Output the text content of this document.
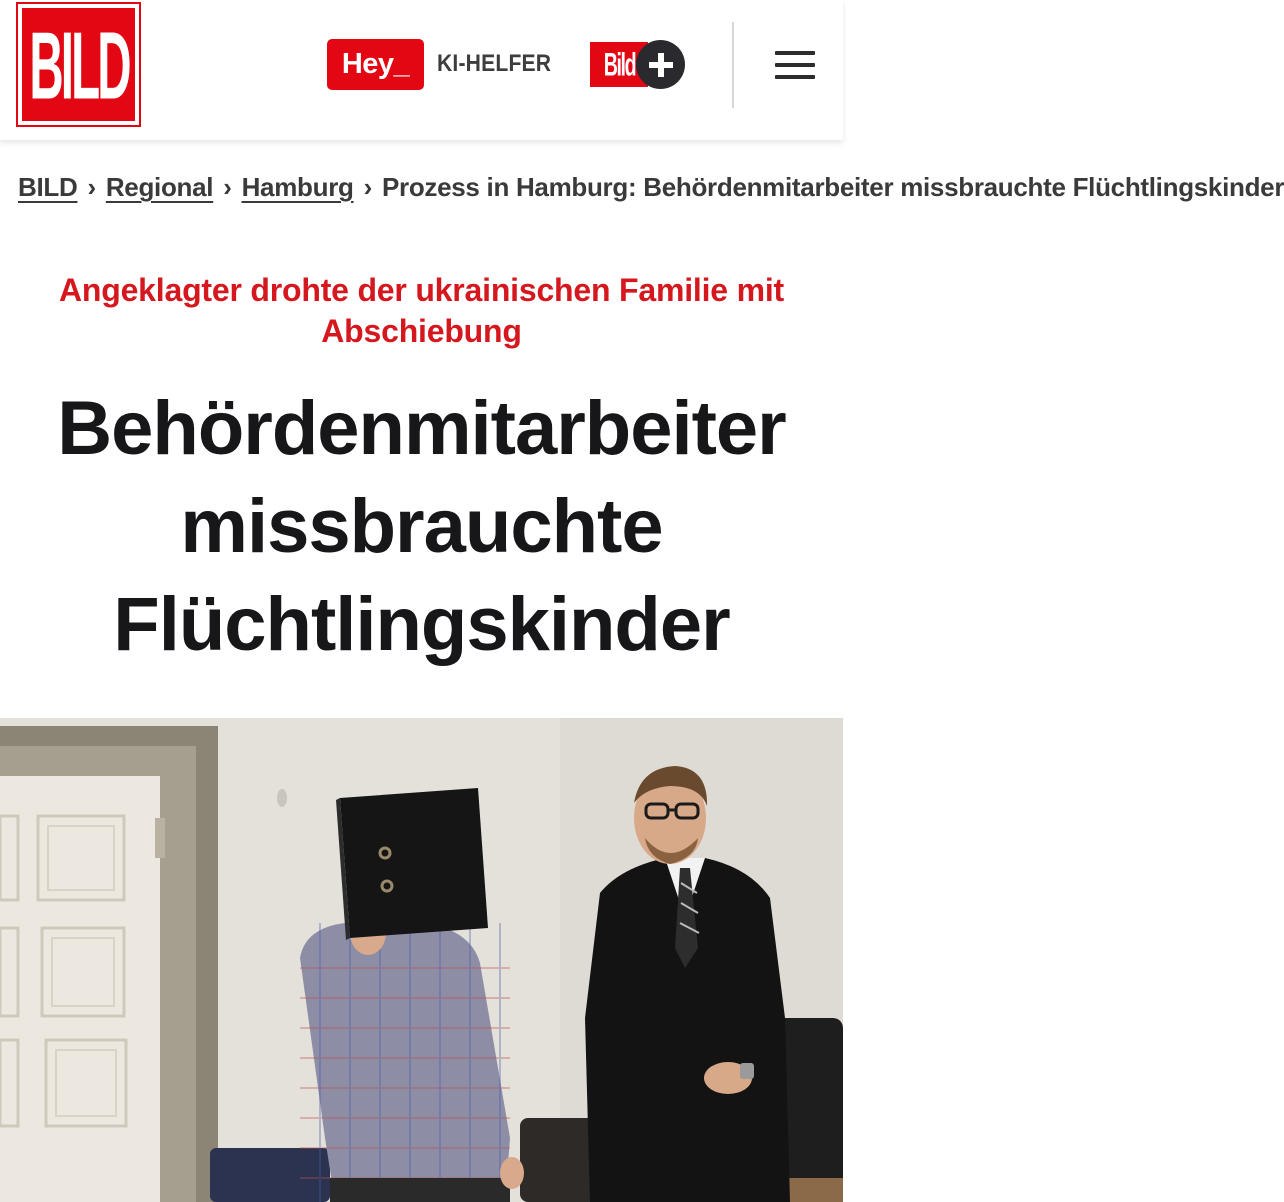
BILD	Hey_ KI-HELFER Bild
BILD › Regional › Hamburg › Prozess in Hamburg: Behördenmitarbeiter missbrauchte Flüchtlingskinder
Angeklagter drohte der ukrainischen Familie mit Abschiebung
Behördenmitarbeiter
missbrauchte
Flüchtlingskinder
